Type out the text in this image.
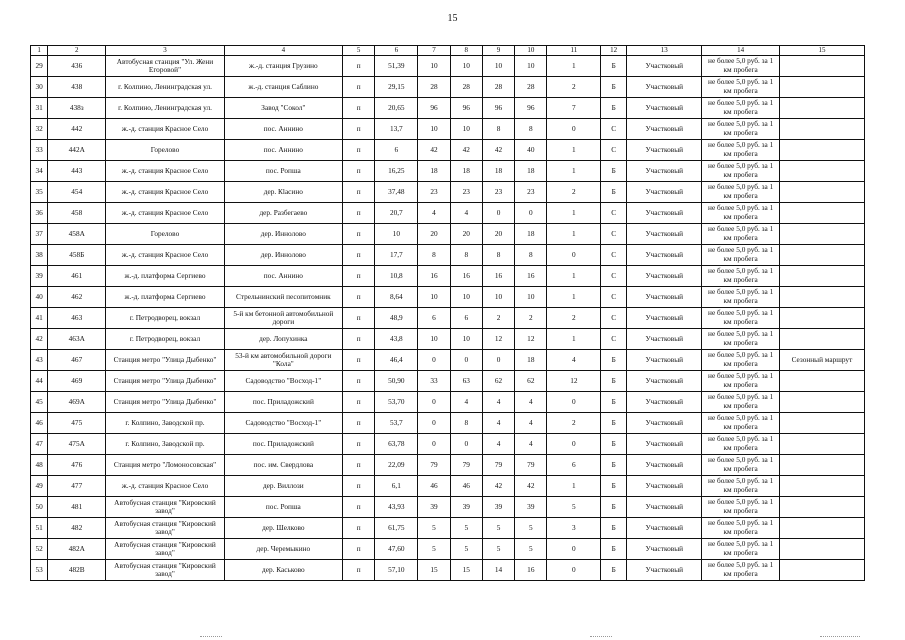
15
1	2	3	4	5	6	7	8	9	10	11	12	13	14	15
29	436	Автобусная станция "Ул. Жени Егоровой"	ж.-д. станция Грузино	п	51,39	10	10	10	10	1	Б	Участковый	не более 5,0 руб. за 1 км пробега	
30	438	г. Колпино, Ленинградская ул.	ж.-д. станция Саблино	п	29,15	28	28	28	28	2	Б	Участковый	не более 5,0 руб. за 1 км пробега	
31	438з	г. Колпино, Ленинградская ул.	Завод "Сокол"	п	20,65	96	96	96	96	7	Б	Участковый	не более 5,0 руб. за 1 км пробега	
32	442	ж.-д. станция Красное Село	пос. Аннино	п	13,7	10	10	8	8	0	С	Участковый	не более 5,0 руб. за 1 км пробега	
33	442А	Горелово	пос. Аннино	п	6	42	42	42	40	1	С	Участковый	не более 5,0 руб. за 1 км пробега	
34	443	ж.-д. станция Красное Село	пос. Ропша	п	16,25	18	18	18	18	1	Б	Участковый	не более 5,0 руб. за 1 км пробега	
35	454	ж.-д. станция Красное Село	дер. Кlасино	п	37,48	23	23	23	23	2	Б	Участковый	не более 5,0 руб. за 1 км пробега	
36	458	ж.-д. станция Красное Село	дер. Разбегаево	п	20,7	4	4	0	0	1	С	Участковый	не более 5,0 руб. за 1 км пробега	
37	458А	Горелово	дер. Иннолово	п	10	20	20	20	18	1	С	Участковый	не более 5,0 руб. за 1 км пробега	
38	458Б	ж.-д. станция Красное Село	дер. Иннолово	п	17,7	8	8	8	8	0	С	Участковый	не более 5,0 руб. за 1 км пробега	
39	461	ж.-д. платформа Сергиево	пос. Аннино	п	10,8	16	16	16	16	1	С	Участковый	не более 5,0 руб. за 1 км пробега	
40	462	ж.-д. платформа Сергиево	Стрельнинский песопитомник	п	8,64	10	10	10	10	1	С	Участковый	не более 5,0 руб. за 1 км пробега	
41	463	г. Петродворец, вокзал	5-й км бетонной автомобильной дороги	п	48,9	6	6	2	2	2	С	Участковый	не более 5,0 руб. за 1 км пробега	
42	463А	г. Петродворец, вокзал	дер. Лопухинка	п	43,8	10	10	12	12	1	С	Участковый	не более 5,0 руб. за 1 км пробега	
43	467	Станция метро "Улица Дыбенко"	53-й км автомобильной дороги "Кола"	п	46,4	0	0	0	18	4	Б	Участковый	не более 5,0 руб. за 1 км пробега	Сезонный маршрут
44	469	Станция метро "Улица Дыбенко"	Садоводство "Восход-1"	п	50,90	33	63	62	62	12	Б	Участковый	не более 5,0 руб. за 1 км пробега	
45	469А	Станция метро "Улица Дыбенко"	пос. Приладожский	п	53,70	0	4	4	4	0	Б	Участковый	не более 5,0 руб. за 1 км пробега	
46	475	г. Колпино, Заводской пр.	Садоводство "Восход-1"	п	53,7	0	8	4	4	2	Б	Участковый	не более 5,0 руб. за 1 км пробега	
47	475А	г. Колпино, Заводской пр.	пос. Приладожский	п	63,78	0	0	4	4	0	Б	Участковый	не более 5,0 руб. за 1 км пробега	
48	476	Станция метро "Ломоносовская"	пос. им. Свердлова	п	22,09	79	79	79	79	6	Б	Участковый	не более 5,0 руб. за 1 км пробега	
49	477	ж.-д. станция Красное Село	дер. Виллози	п	6,1	46	46	42	42	1	Б	Участковый	не более 5,0 руб. за 1 км пробега	
50	481	Автобусная станция "Кировский завод"	пос. Ропша	п	43,93	39	39	39	39	5	Б	Участковый	не более 5,0 руб. за 1 км пробега	
51	482	Автобусная станция "Кировский завод"	дер. Шелково	п	61,75	5	5	5	5	3	Б	Участковый	не более 5,0 руб. за 1 км пробега	
52	482А	Автобусная станция "Кировский завод"	дер. Черемыкино	п	47,60	5	5	5	5	0	Б	Участковый	не более 5,0 руб. за 1 км пробега	
53	482В	Автобусная станция "Кировский завод"	дер. Каськово	п	57,10	15	15	14	16	0	Б	Участковый	не более 5,0 руб. за 1 км пробега	
